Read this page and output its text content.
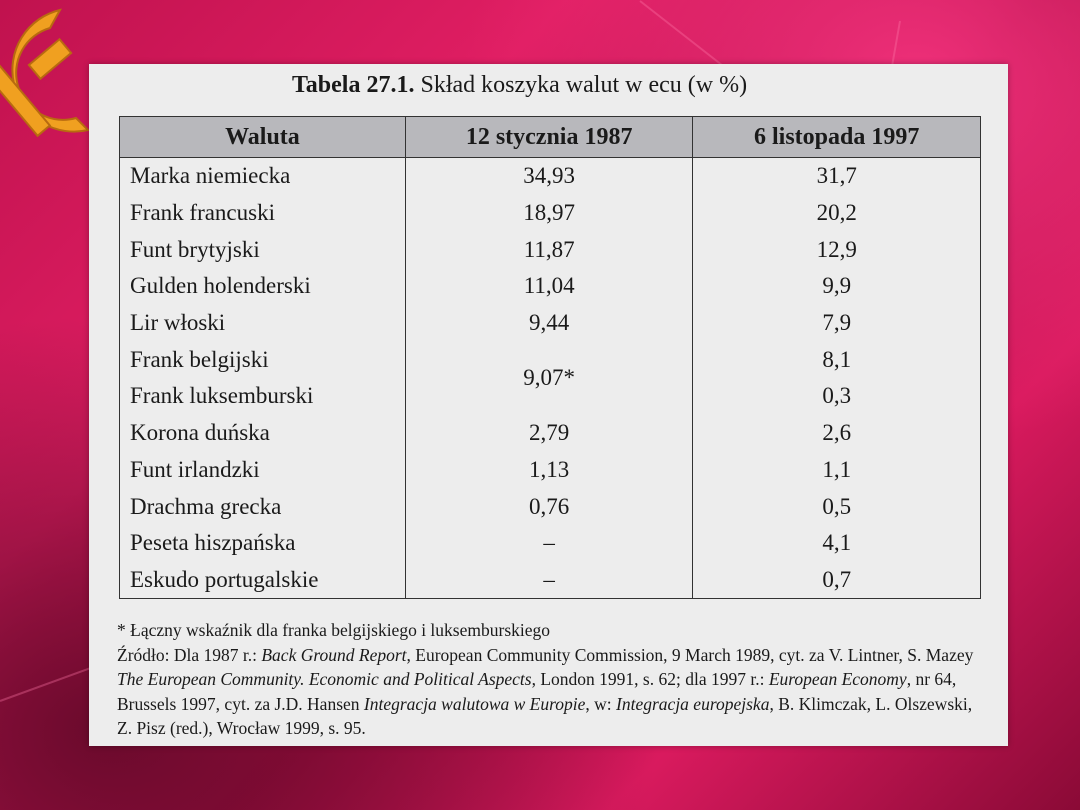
Tabela 27.1. Skład koszyka walut w ecu (w %)
Waluta	12 stycznia 1987	6 listopada 1997
Marka niemiecka	34,93	31,7
Frank francuski	18,97	20,2
Funt brytyjski	11,87	12,9
Gulden holenderski	11,04	9,9
Lir włoski	9,44	7,9
Frank belgijski	9,07*	8,1
Frank luksemburski		0,3
Korona duńska	2,79	2,6
Funt irlandzki	1,13	1,1
Drachma grecka	0,76	0,5
Peseta hiszpańska	–	4,1
Eskudo portugalskie	–	0,7

* Łączny wskaźnik dla franka belgijskiego i luksemburskiego

Źródło: Dla 1987 r.: Back Ground Report, European Community Commission, 9 March 1989, cyt. za V. Lintner, S. Mazey The European Community. Economic and Political Aspects, London 1991, s. 62; dla 1997 r.: European Economy, nr 64, Brussels 1997, cyt. za J.D. Hansen Integracja walutowa w Europie, w: Integracja europejska, B. Klimczak, L. Olszewski, Z. Pisz (red.), Wrocław 1999, s. 95.
